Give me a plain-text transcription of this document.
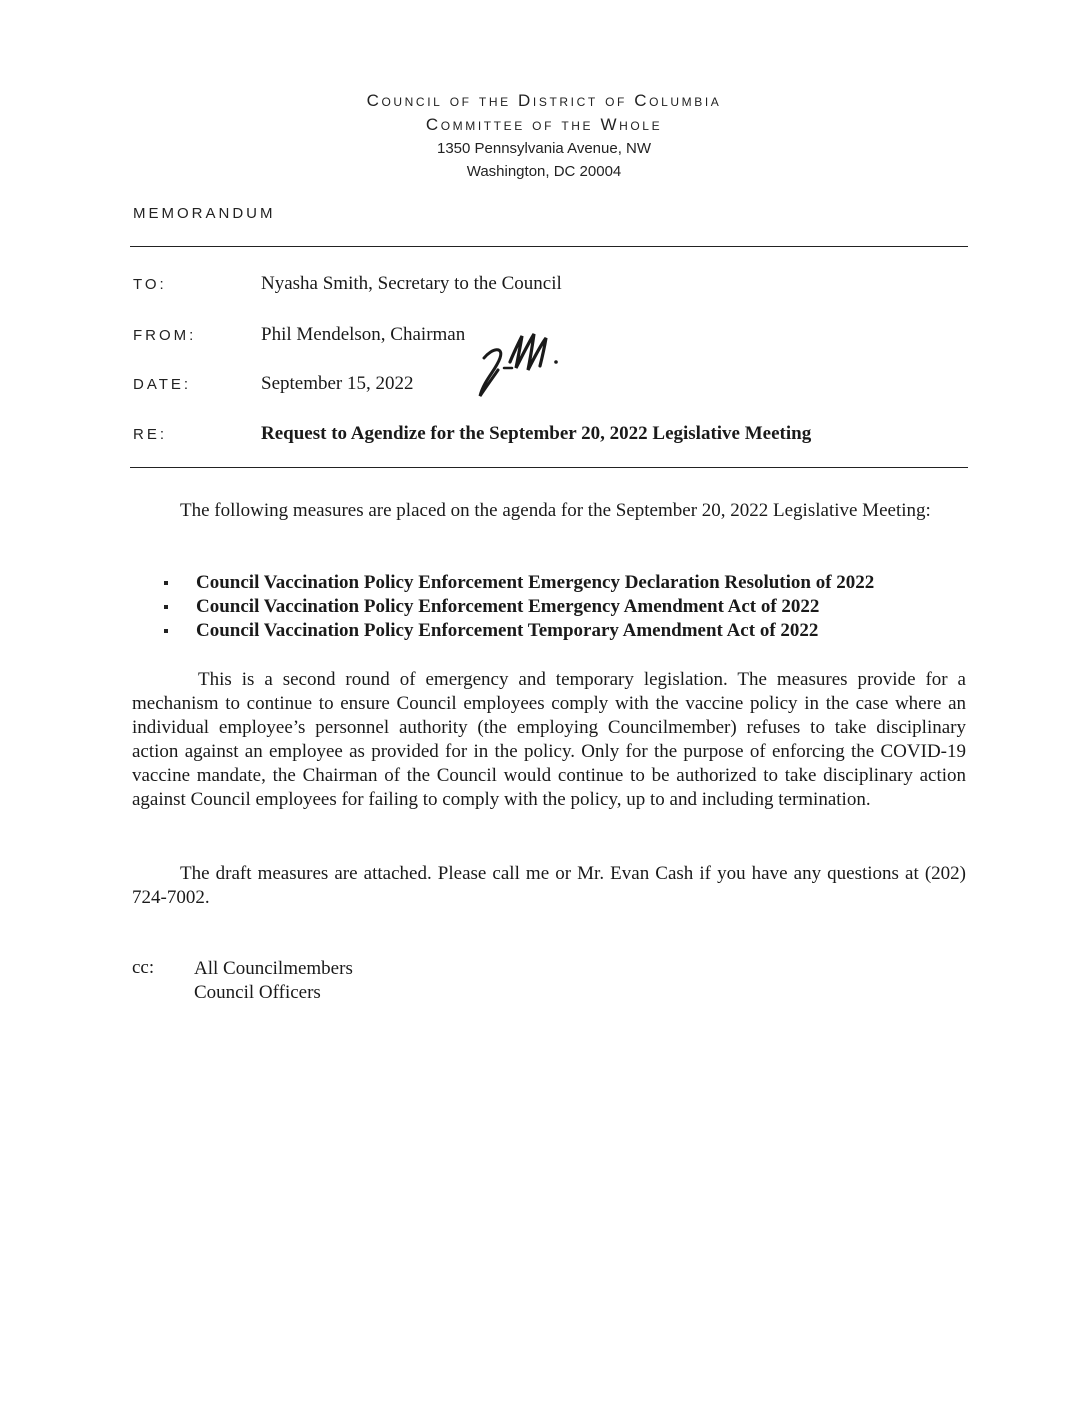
Council of the District of Columbia
Committee of the Whole
1350 Pennsylvania Avenue, NW
Washington, DC 20004
MEMORANDUM
TO:	Nyasha Smith, Secretary to the Council
FROM:	Phil Mendelson, Chairman
DATE:	September 15, 2022
RE:	Request to Agendize for the September 20, 2022 Legislative Meeting
The following measures are placed on the agenda for the September 20, 2022 Legislative Meeting:
Council Vaccination Policy Enforcement Emergency Declaration Resolution of 2022
Council Vaccination Policy Enforcement Emergency Amendment Act of 2022
Council Vaccination Policy Enforcement Temporary Amendment Act of 2022
This is a second round of emergency and temporary legislation. The measures provide for a mechanism to continue to ensure Council employees comply with the vaccine policy in the case where an individual employee’s personnel authority (the employing Councilmember) refuses to take disciplinary action against an employee as provided for in the policy. Only for the purpose of enforcing the COVID-19 vaccine mandate, the Chairman of the Council would continue to be authorized to take disciplinary action against Council employees for failing to comply with the policy, up to and including termination.
The draft measures are attached. Please call me or Mr. Evan Cash if you have any questions at (202) 724-7002.
cc: All Councilmembers
Council Officers
